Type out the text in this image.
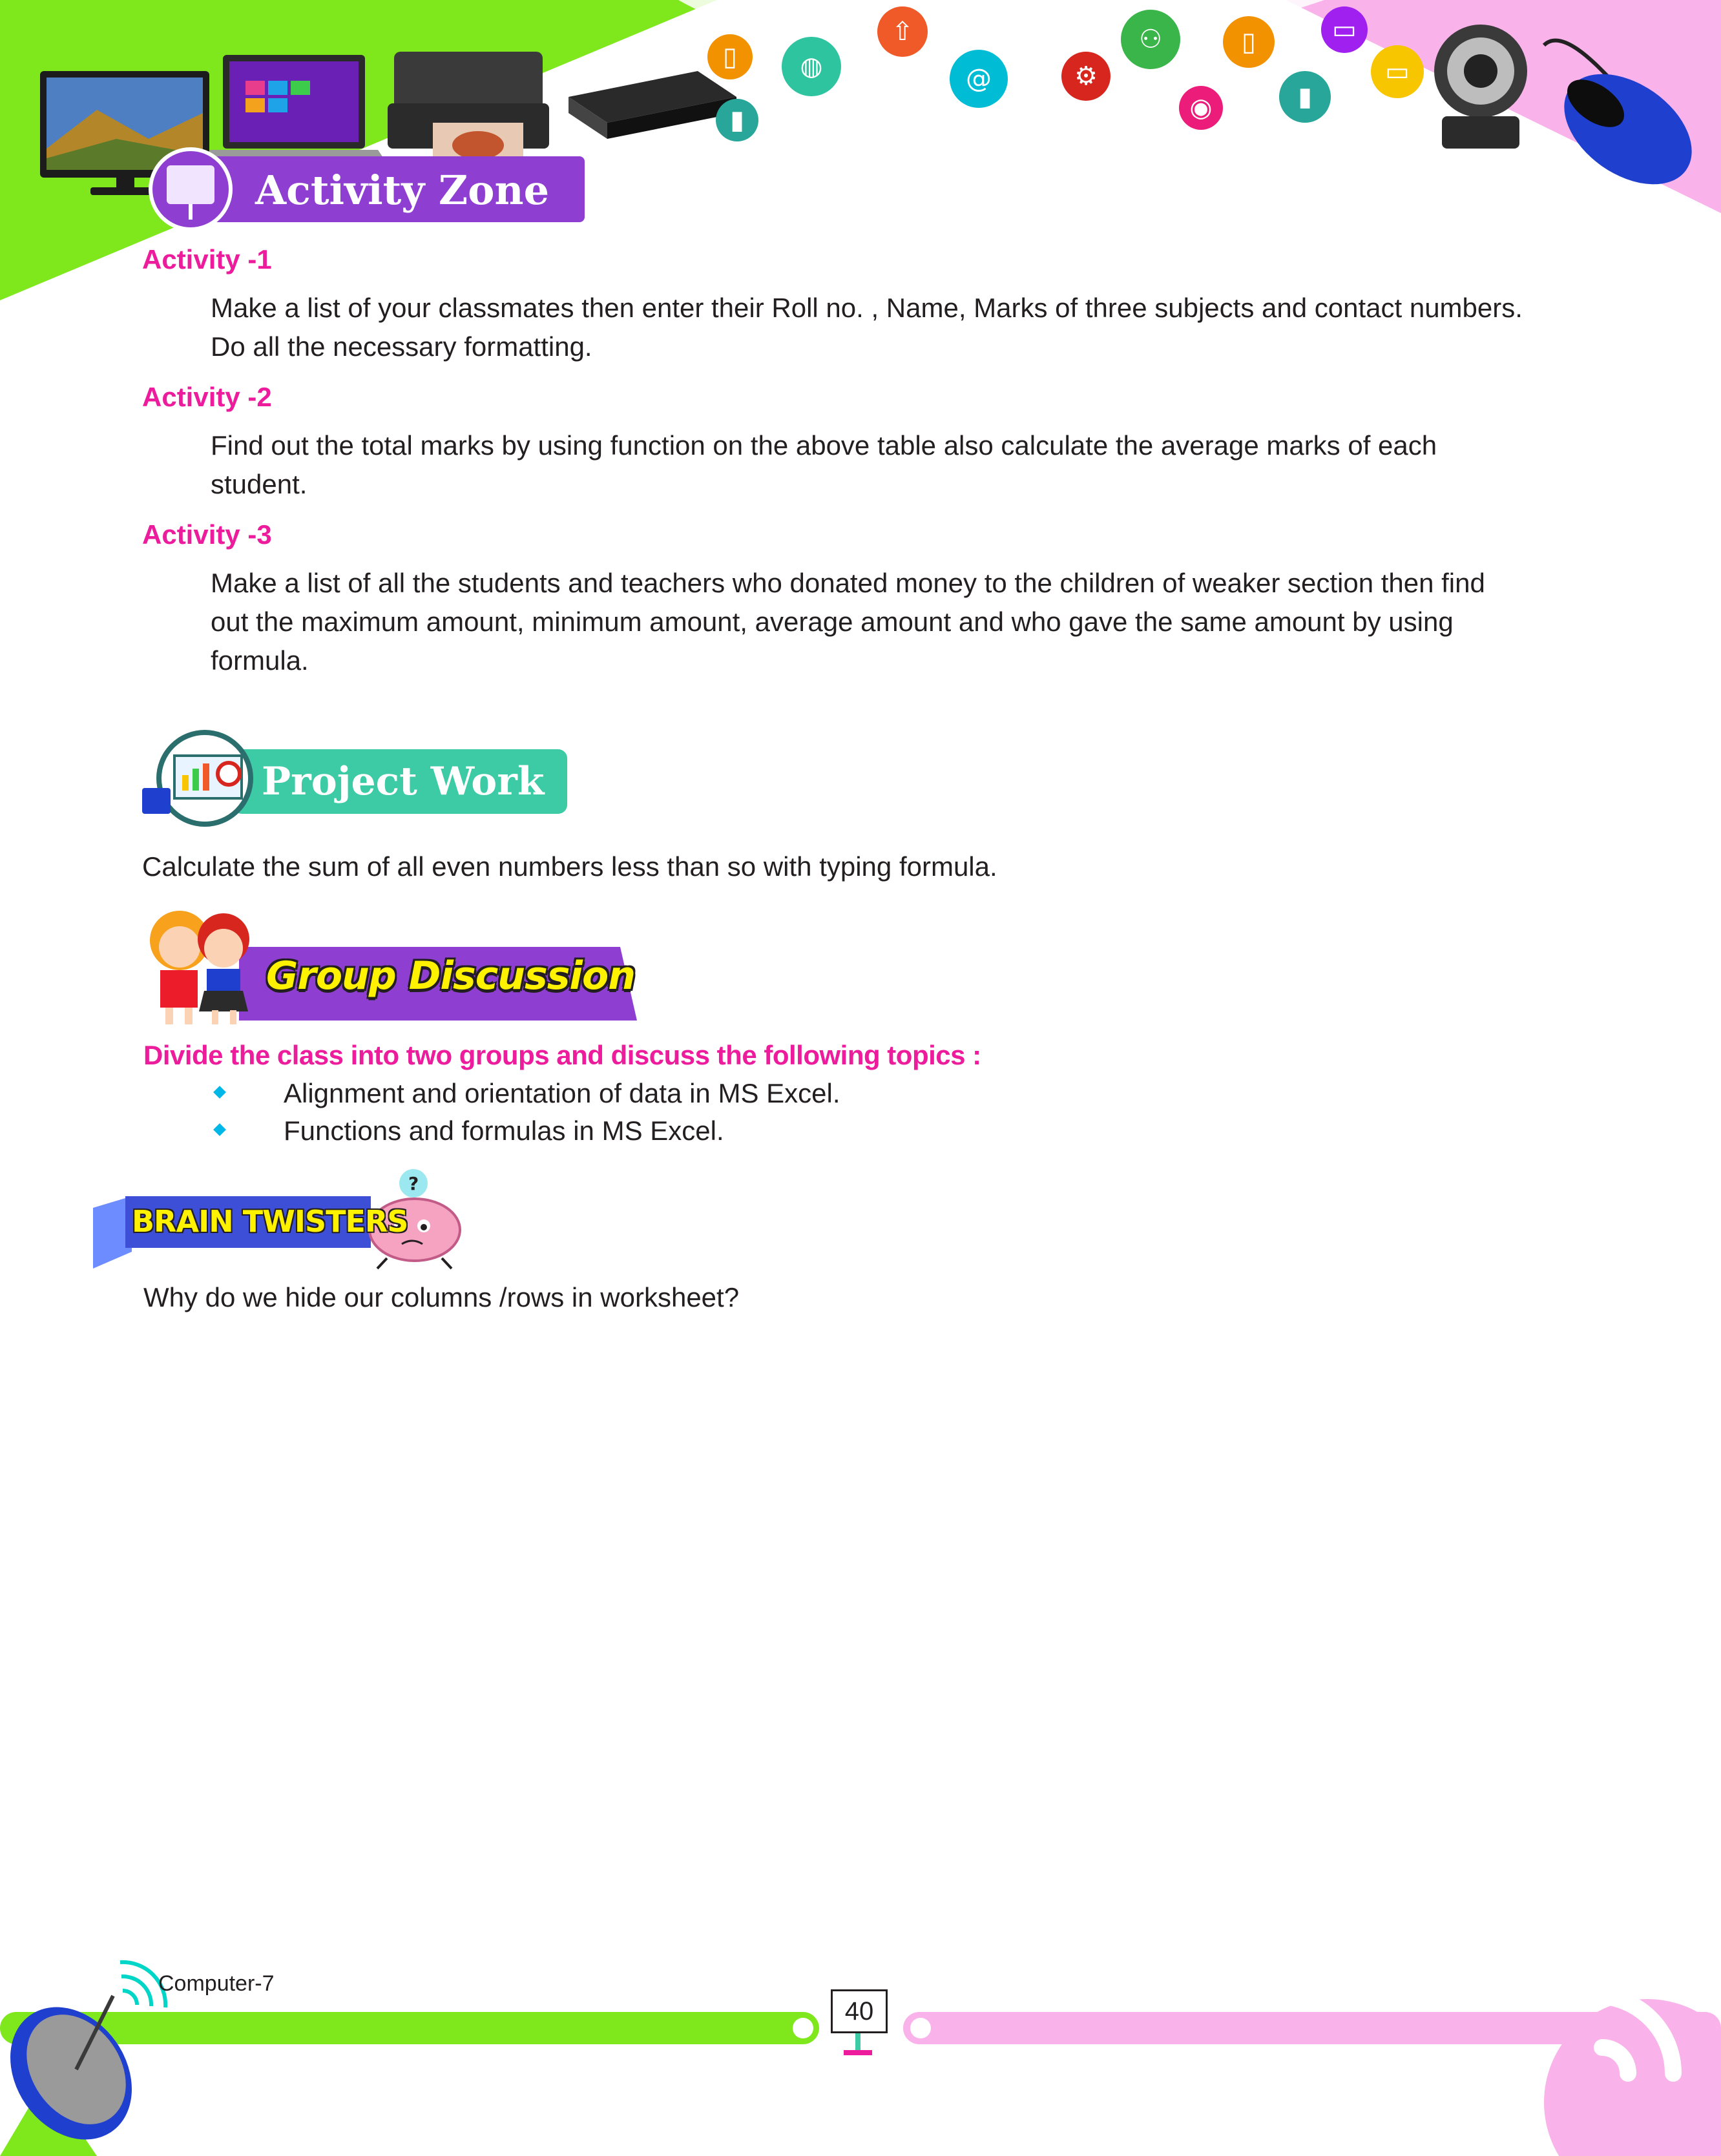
▯
▮
◍
⇧
@	⚙
⚇
◉
▯
▮
▭
▭
Activity Zone
Activity -1
Make a list of your classmates then enter their Roll no. , Name, Marks of three subjects and contact numbers.
Do all the necessary formatting.
Activity -2
Find out the total marks by using function on the above table also calculate the average marks of each
student.
Activity -3
Make a list of all the students and teachers who donated money to the children of weaker section then find
out the maximum amount, minimum amount, average amount and who gave the same amount by using
formula.
Project Work
Calculate the sum of all even numbers less than so with typing formula.
Group Discussion
Divide the class into two groups and discuss the following topics :
Alignment and orientation of data in MS Excel.
Functions and formulas in MS Excel.
?
BRAIN TWISTERS
Why do we hide our columns /rows in worksheet?
Computer-7
40
